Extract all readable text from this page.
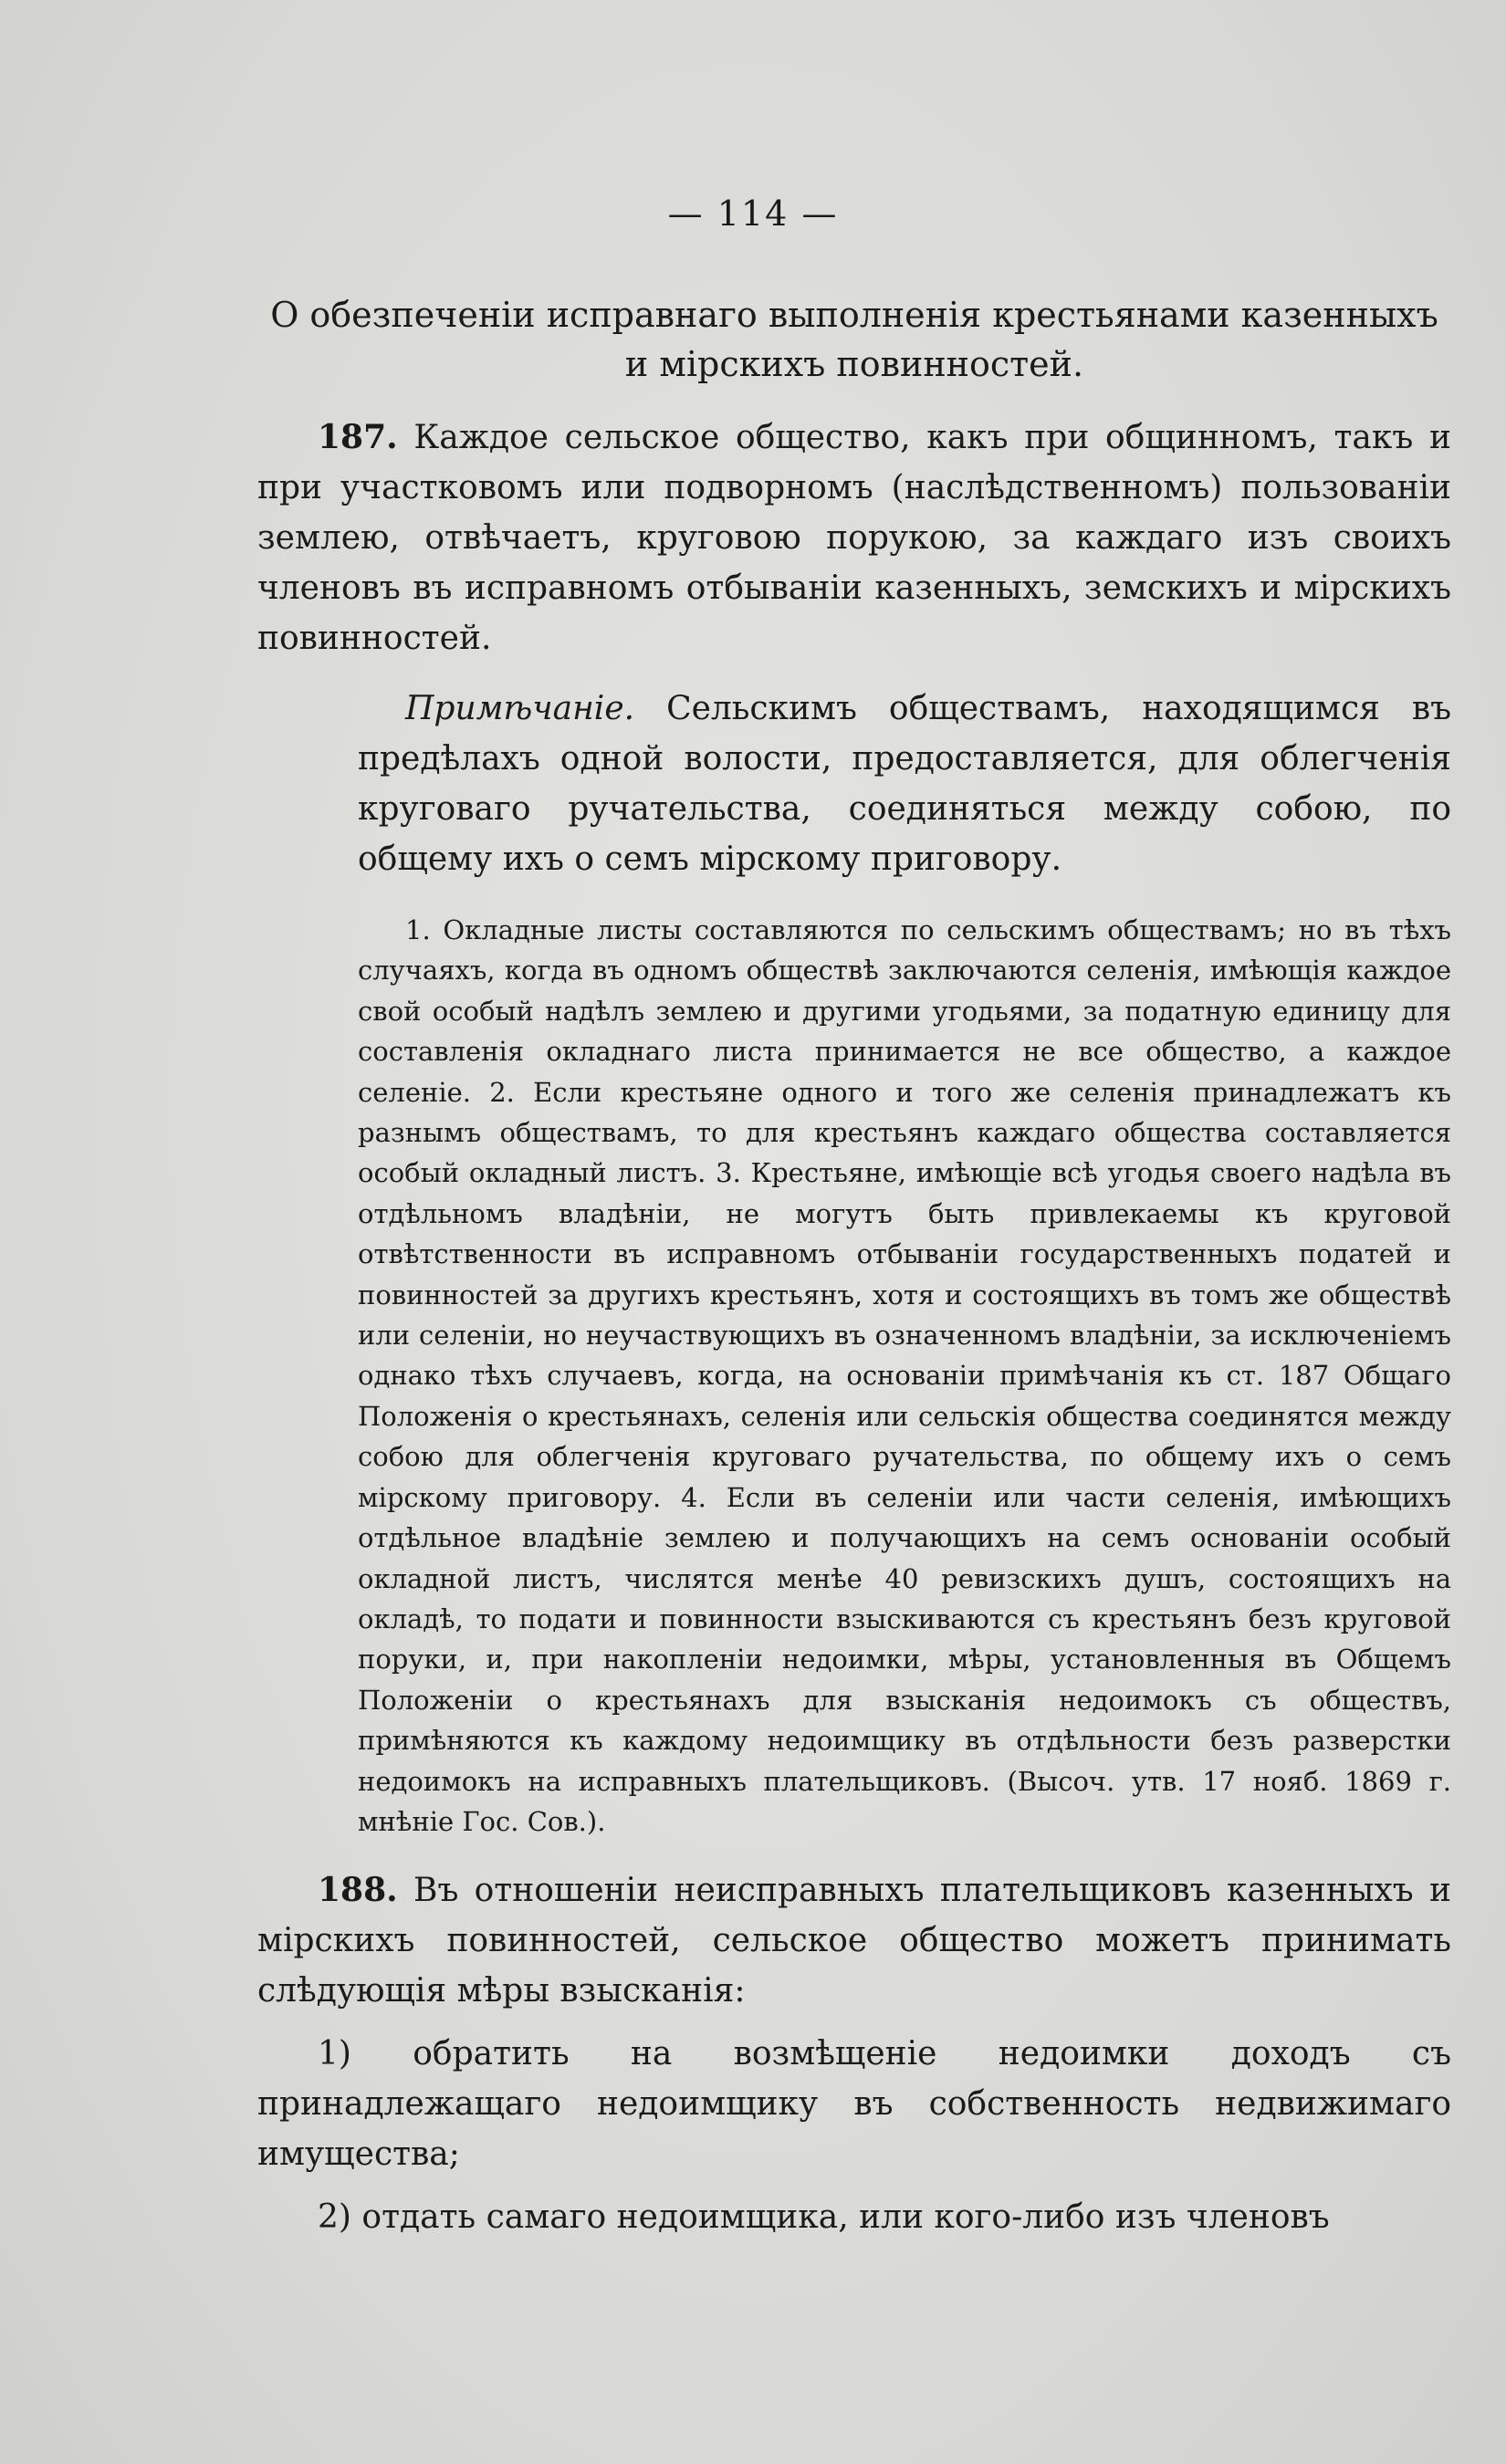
— 114 —
О обезпеченіи исправнаго выполненія крестьянами казенныхъ
и мірскихъ повинностей.

187. Каждое сельское общество, какъ при общинномъ, такъ и при участковомъ или подворномъ (наслѣдственномъ) пользованіи землею, отвѣчаетъ, круговою порукою, за каждаго изъ своихъ членовъ въ исправномъ отбываніи казенныхъ, земскихъ и мірскихъ повинностей.

Примѣчаніе. Сельскимъ обществамъ, находящимся въ предѣлахъ одной волости, предоставляется, для облегченія круговаго ручательства, соединяться между собою, по общему ихъ о семъ мірскому приговору.

1. Окладные листы составляются по сельскимъ обществамъ; но въ тѣхъ случаяхъ, когда въ одномъ обществѣ заключаются селенія, имѣющія каждое свой особый надѣлъ землею и другими угодьями, за податную единицу для составленія окладнаго листа принимается не все общество, а каждое селеніе. 2. Если крестьяне одного и того же селенія принадлежатъ къ разнымъ обществамъ, то для крестьянъ каждаго общества составляется особый окладный листъ. 3. Крестьяне, имѣющіе всѣ угодья своего надѣла въ отдѣльномъ владѣніи, не могутъ быть привлекаемы къ круговой отвѣтственности въ исправномъ отбываніи государственныхъ податей и повинностей за другихъ крестьянъ, хотя и состоящихъ въ томъ же обществѣ или селеніи, но неучаствующихъ въ означенномъ владѣніи, за исключеніемъ однако тѣхъ случаевъ, когда, на основаніи примѣчанія къ ст. 187 Общаго Положенія о крестьянахъ, селенія или сельскія общества соединятся между собою для облегченія круговаго ручательства, по общему ихъ о семъ мірскому приговору. 4. Если въ селеніи или части селенія, имѣющихъ отдѣльное владѣніе землею и получающихъ на семъ основаніи особый окладной листъ, числятся менѣе 40 ревизскихъ душъ, состоящихъ на окладѣ, то подати и повинности взыскиваются съ крестьянъ безъ круговой поруки, и, при накопленіи недоимки, мѣры, установленныя въ Общемъ Положеніи о крестьянахъ для взысканія недоимокъ съ обществъ, примѣняются къ каждому недоимщику въ отдѣльности безъ разверстки недоимокъ на исправныхъ плательщиковъ. (Высоч. утв. 17 нояб. 1869 г. мнѣніе Гос. Сов.).

188. Въ отношеніи неисправныхъ плательщиковъ казенныхъ и мірскихъ повинностей, сельское общество можетъ принимать слѣдующія мѣры взысканія:

1) обратить на возмѣщеніе недоимки доходъ съ принадлежащаго недоимщику въ собственность недвижимаго имущества;

2) отдать самаго недоимщика, или кого-либо изъ членовъ
